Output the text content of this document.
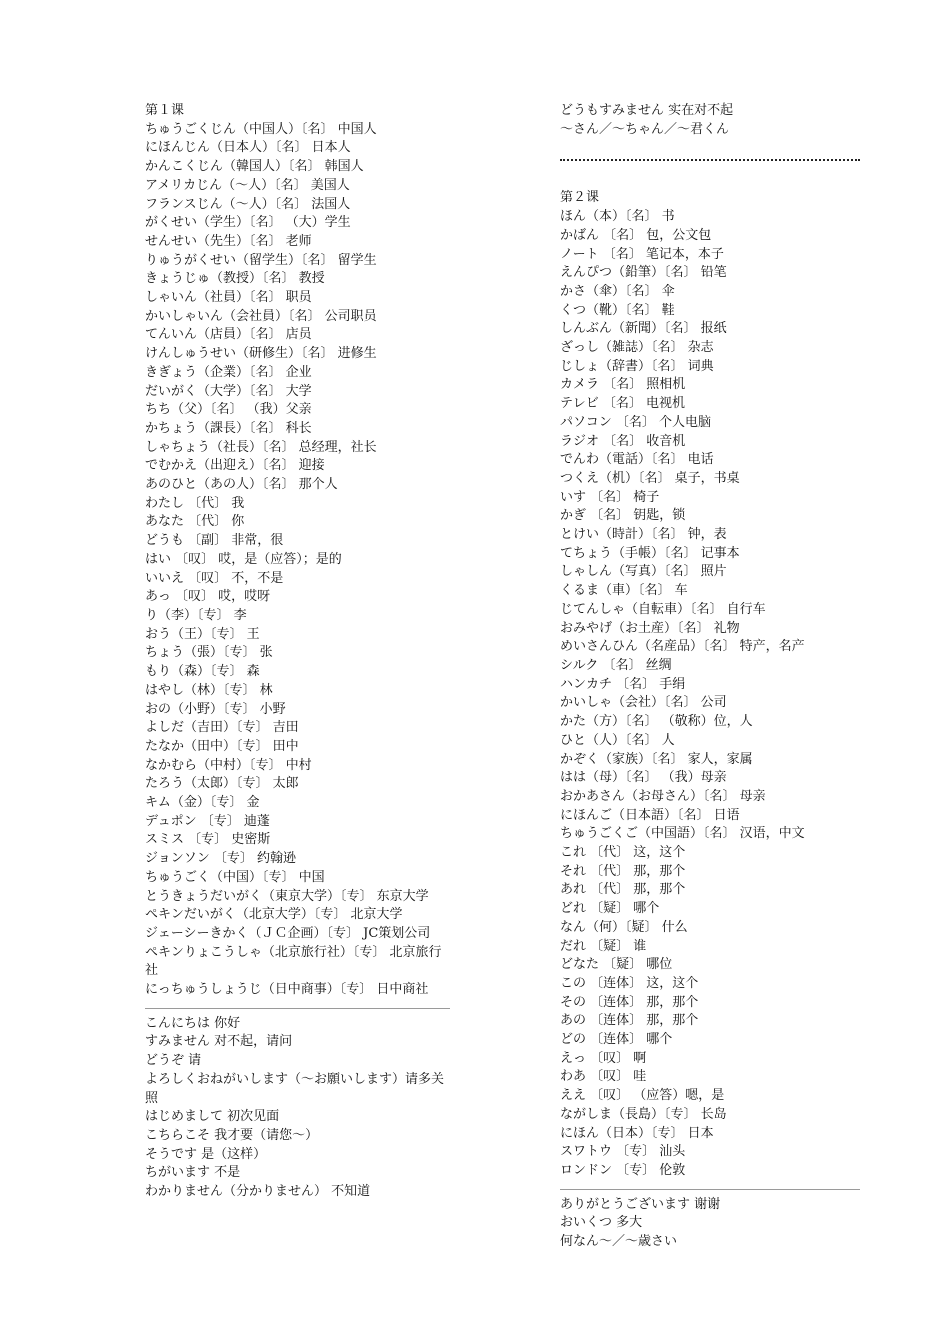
第１课
ちゅうごくじん（中国人）〔名〕 中国人
にほんじん（日本人）〔名〕 日本人
かんこくじん（韓国人）〔名〕 韩国人
アメリカじん（～人）〔名〕 美国人
フランスじん（～人）〔名〕 法国人
がくせい（学生）〔名〕 （大）学生
せんせい（先生）〔名〕 老师
りゅうがくせい（留学生）〔名〕 留学生
きょうじゅ（教授）〔名〕 教授
しゃいん（社員）〔名〕 职员
かいしゃいん（会社員）〔名〕 公司职员
てんいん（店員）〔名〕 店员
けんしゅうせい（研修生）〔名〕 进修生
きぎょう（企業）〔名〕 企业
だいがく（大学）〔名〕 大学
ちち（父）〔名〕 （我）父亲
かちょう（課長）〔名〕 科长
しゃちょう（社長）〔名〕 总经理，社长
でむかえ（出迎え）〔名〕 迎接
あのひと（あの人）〔名〕 那个人
わたし 〔代〕 我
あなた 〔代〕 你
どうも 〔副〕 非常，很
はい 〔叹〕 哎，是（应答）；是的
いいえ 〔叹〕 不，不是
あっ 〔叹〕 哎，哎呀
り（李）〔专〕 李
おう（王）〔专〕 王
ちょう（張）〔专〕 张
もり（森）〔专〕 森
はやし（林）〔专〕 林
おの（小野）〔专〕 小野
よしだ（吉田）〔专〕 吉田
たなか（田中）〔专〕 田中
なかむら（中村）〔专〕 中村
たろう（太郎）〔专〕 太郎
キム（金）〔专〕 金
デュポン 〔专〕 迪蓬
スミス 〔专〕 史密斯
ジョンソン 〔专〕 约翰逊
ちゅうごく（中国）〔专〕 中国
とうきょうだいがく（東京大学）〔专〕 东京大学
ペキンだいがく（北京大学）〔专〕 北京大学
ジェーシーきかく（ＪＣ企画）〔专〕 JC策划公司
ペキンりょこうしゃ（北京旅行社）〔专〕 北京旅行社
にっちゅうしょうじ（日中商事）〔专〕 日中商社
こんにちは 你好
すみません 对不起，请问
どうぞ 请
よろしくおねがいします（～お願いします）请多关照
はじめまして 初次见面
こちらこそ 我才要（请您～）
そうです 是（这样）
ちがいます 不是
わかりません（分かりません） 不知道
どうもすみません 实在对不起
～さん／～ちゃん／～君くん
第２课
ほん（本）〔名〕 书
かばん 〔名〕 包，公文包
ノート 〔名〕 笔记本，本子
えんぴつ（鉛筆）〔名〕 铅笔
かさ（傘）〔名〕 伞
くつ（靴）〔名〕 鞋
しんぶん（新聞）〔名〕 报纸
ざっし（雑誌）〔名〕 杂志
じしょ（辞書）〔名〕 词典
カメラ 〔名〕 照相机
テレビ 〔名〕 电视机
パソコン 〔名〕 个人电脑
ラジオ 〔名〕 收音机
でんわ（電話）〔名〕 电话
つくえ（机）〔名〕 桌子，书桌
いす 〔名〕 椅子
かぎ 〔名〕 钥匙，锁
とけい（時計）〔名〕 钟，表
てちょう（手帳）〔名〕 记事本
しゃしん（写真）〔名〕 照片
くるま（車）〔名〕 车
じてんしゃ（自転車）〔名〕 自行车
おみやげ（お土産）〔名〕 礼物
めいさんひん（名産品）〔名〕 特产，名产
シルク 〔名〕 丝绸
ハンカチ 〔名〕 手绢
かいしゃ（会社）〔名〕 公司
かた（方）〔名〕 （敬称）位，人
ひと（人）〔名〕 人
かぞく（家族）〔名〕 家人，家属
はは（母）〔名〕 （我）母亲
おかあさん（お母さん）〔名〕 母亲
にほんご（日本語）〔名〕 日语
ちゅうごくご（中国語）〔名〕 汉语，中文
これ 〔代〕 这，这个
それ 〔代〕 那，那个
あれ 〔代〕 那，那个
どれ 〔疑〕 哪个
なん（何）〔疑〕 什么
だれ 〔疑〕 谁
どなた 〔疑〕 哪位
この 〔连体〕 这，这个
その 〔连体〕 那，那个
あの 〔连体〕 那，那个
どの 〔连体〕 哪个
えっ 〔叹〕 啊
わあ 〔叹〕 哇
ええ 〔叹〕 （应答）嗯，是
ながしま（長島）〔专〕 长岛
にほん（日本）〔专〕 日本
スワトウ 〔专〕 汕头
ロンドン 〔专〕 伦敦
ありがとうございます 谢谢
おいくつ 多大
何なん～／～歳さい
